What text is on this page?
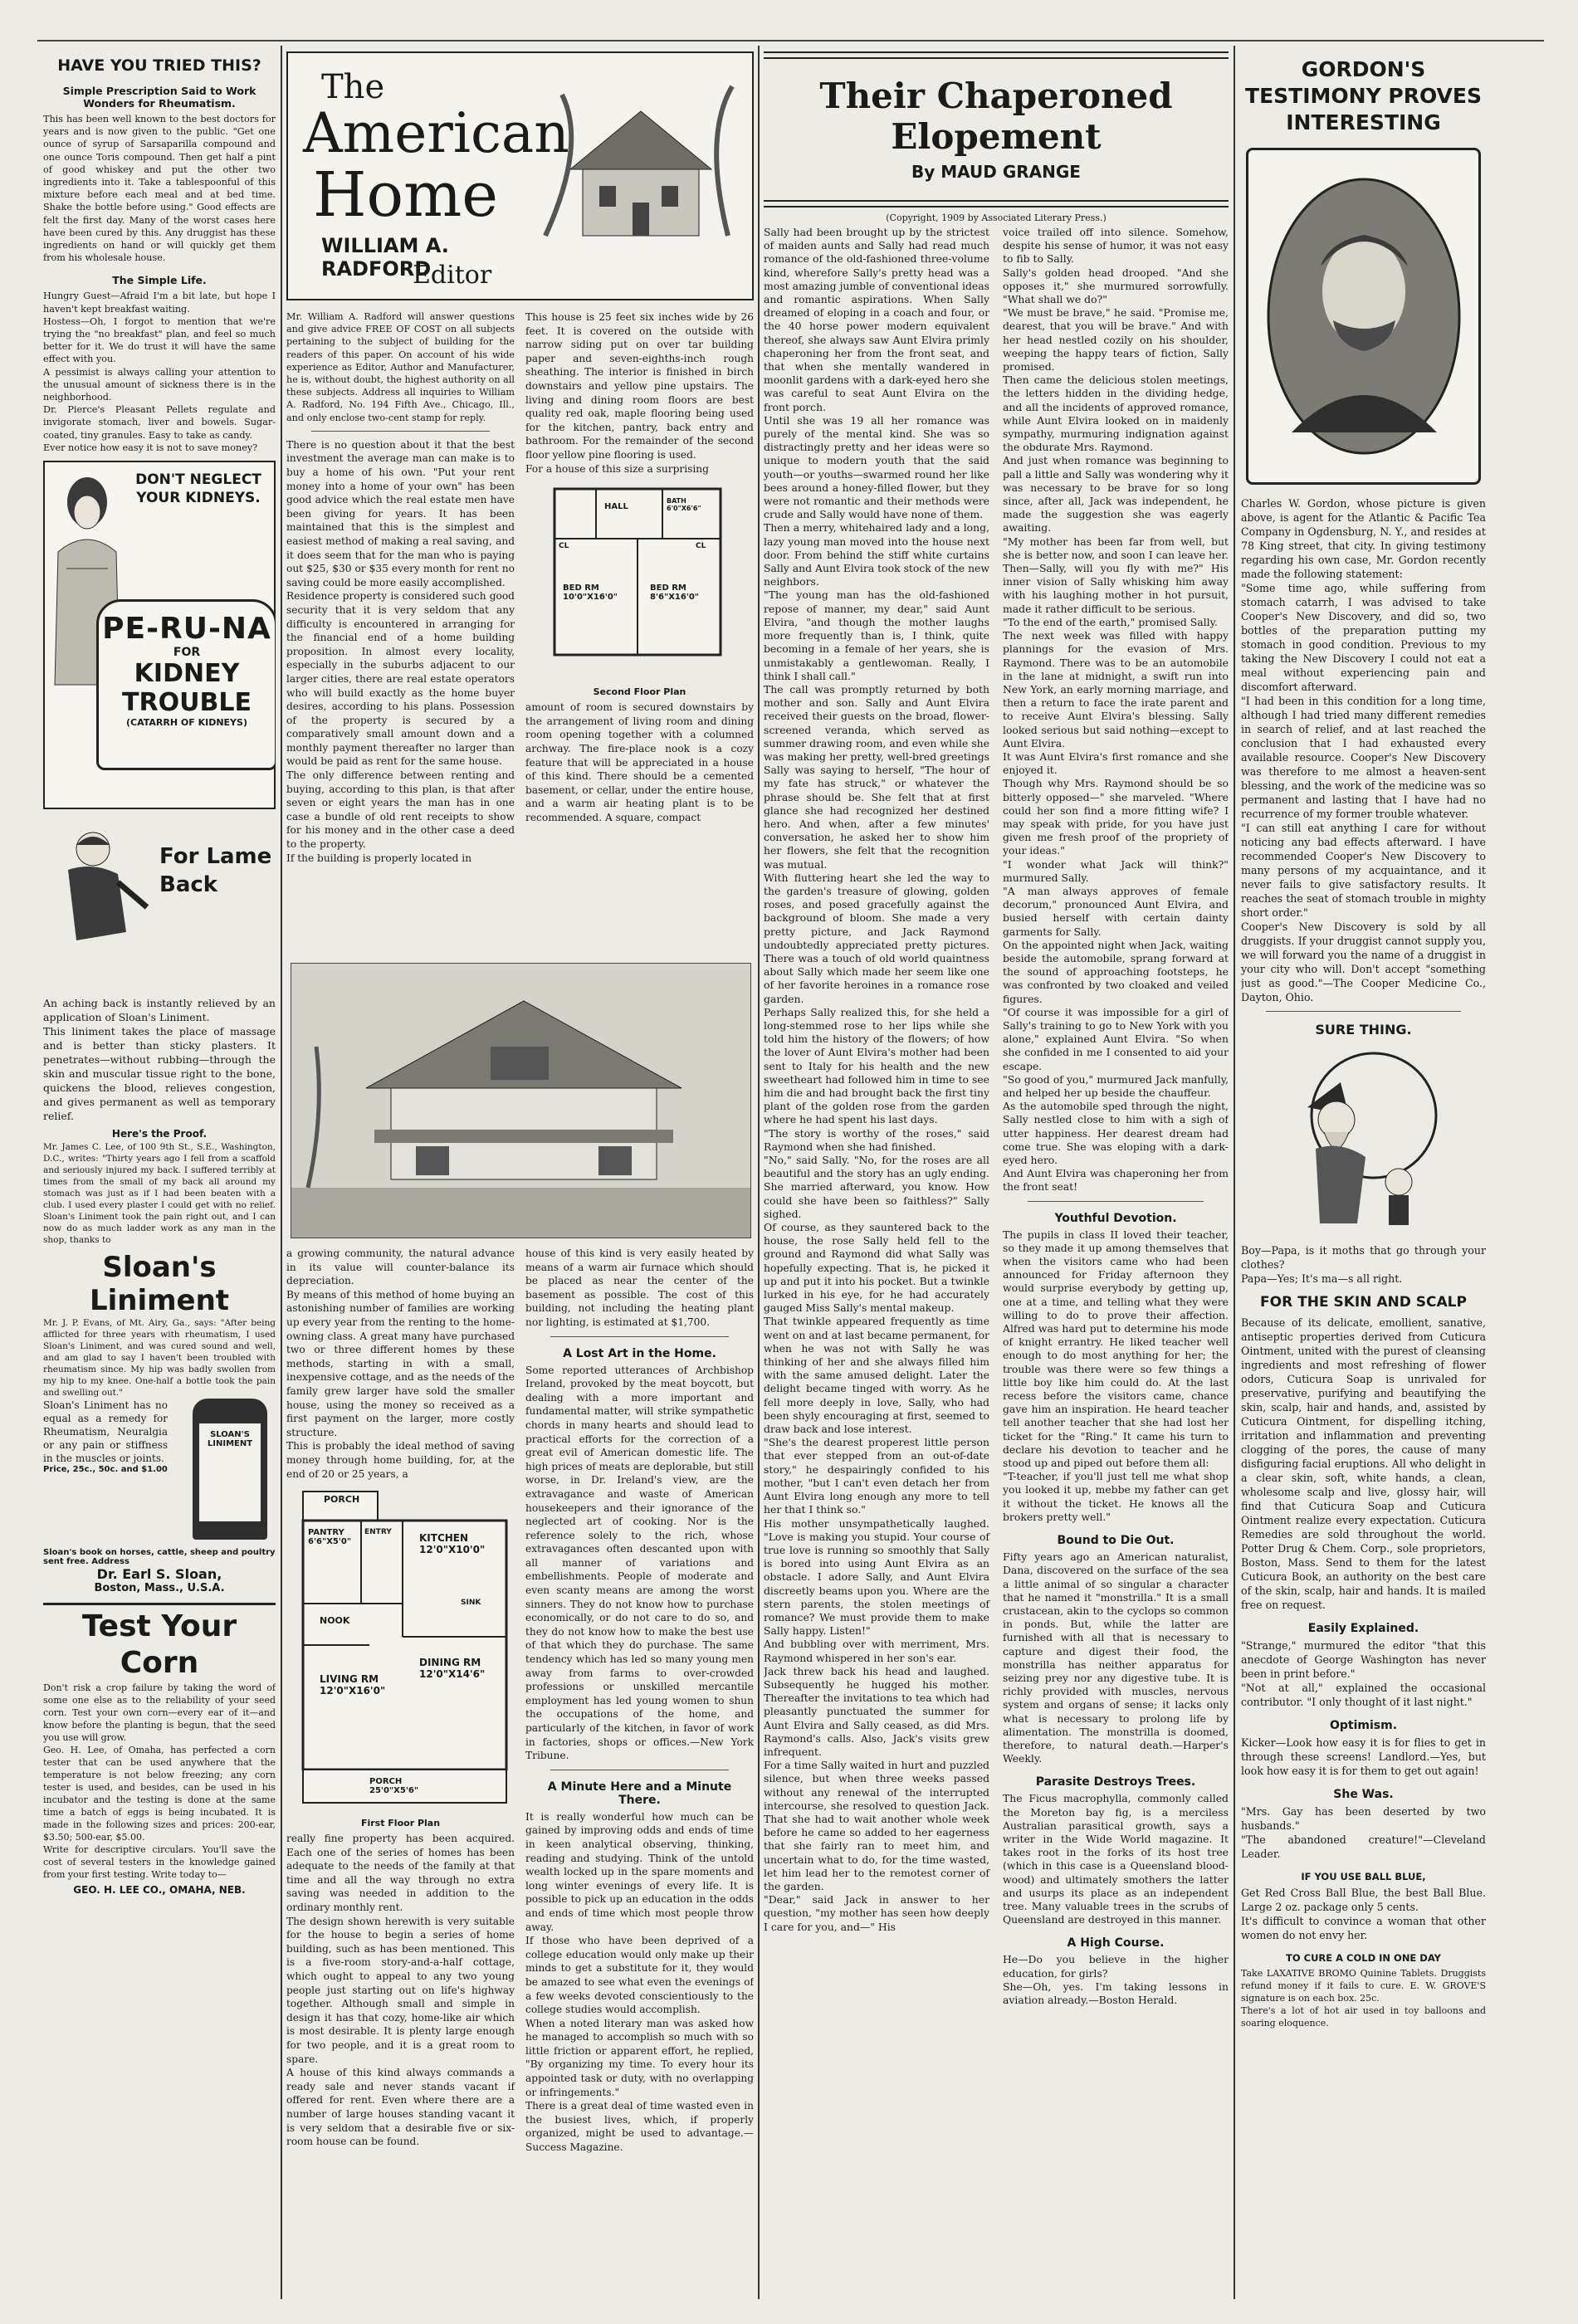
HAVE YOU TRIED THIS?
Simple Prescription Said to Work Wonders for Rheumatism.

This has been well known to the best doctors for years and is now given to the public. "Get one ounce of syrup of Sarsaparilla compound and one ounce Toris compound. Then get half a pint of good whiskey and put the other two ingredients into it. Take a tablespoonful of this mixture before each meal and at bed time. Shake the bottle before using." Good effects are felt the first day. Many of the worst cases here have been cured by this. Any druggist has these ingredients on hand or will quickly get them from his wholesale house.

The Simple Life.

Hungry Guest—Afraid I'm a bit late, but hope I haven't kept breakfast waiting.
Hostess—Oh, I forgot to mention that we're trying the "no breakfast" plan, and feel so much better for it. We do trust it will have the same effect with you.
A pessimist is always calling your attention to the unusual amount of sickness there is in the neighborhood.
Dr. Pierce's Pleasant Pellets regulate and invigorate stomach, liver and bowels. Sugar-coated, tiny granules. Easy to take as candy.
Ever notice how easy it is not to save money?

DON'T NEGLECT YOUR KIDNEYS.
PE-RU-NA
FOR
KIDNEY
TROUBLE
(CATARRH OF KIDNEYS)
For Lame Back

An aching back is instantly relieved by an application of Sloan's Liniment.
This liniment takes the place of massage and is better than sticky plasters. It penetrates—without rubbing—through the skin and muscular tissue right to the bone, quickens the blood, relieves congestion, and gives permanent as well as temporary relief.

Here's the Proof.

Mr. James C. Lee, of 100 9th St., S.E., Washington, D.C., writes: "Thirty years ago I fell from a scaffold and seriously injured my back. I suffered terribly at times from the small of my back all around my stomach was just as if I had been beaten with a club. I used every plaster I could get with no relief. Sloan's Liniment took the pain right out, and I can now do as much ladder work as any man in the shop, thanks to

Sloan's Liniment

Mr. J. P. Evans, of Mt. Airy, Ga., says: "After being afflicted for three years with rheumatism, I used Sloan's Liniment, and was cured sound and well, and am glad to say I haven't been troubled with rheumatism since. My hip was badly swollen from my hip to my knee. One-half a bottle took the pain and swelling out."

Sloan's Liniment has no equal as a remedy for Rheumatism, Neuralgia or any pain or stiffness in the muscles or joints.

Price, 25c., 50c. and $1.00
SLOAN'S LINIMENT
Sloan's book on horses, cattle, sheep and poultry sent free. Address
Dr. Earl S. Sloan,
Boston, Mass., U.S.A.
Test Your Corn

Don't risk a crop failure by taking the word of some one else as to the reliability of your seed corn. Test your own corn—every ear of it—and know before the planting is begun, that the seed you use will grow.
Geo. H. Lee, of Omaha, has perfected a corn tester that can be used anywhere that the temperature is not below freezing; any corn tester is used, and besides, can be used in his incubator and the testing is done at the same time a batch of eggs is being incubated. It is made in the following sizes and prices: 200-ear, $3.50; 500-ear, $5.00.
Write for descriptive circulars. You'll save the cost of several testers in the knowledge gained from your first testing. Write today to—

GEO. H. LEE CO., OMAHA, NEB.
The
American
Home
WILLIAM A. RADFORD
Editor

Mr. William A. Radford will answer questions and give advice FREE OF COST on all subjects pertaining to the subject of building for the readers of this paper. On account of his wide experience as Editor, Author and Manufacturer, he is, without doubt, the highest authority on all these subjects. Address all inquiries to William A. Radford, No. 194 Fifth Ave., Chicago, Ill., and only enclose two-cent stamp for reply.

There is no question about it that the best investment the average man can make is to buy a home of his own. "Put your rent money into a home of your own" has been good advice which the real estate men have been giving for years. It has been maintained that this is the simplest and easiest method of making a real saving, and it does seem that for the man who is paying out $25, $30 or $35 every month for rent no saving could be more easily accomplished.
Residence property is considered such good security that it is very seldom that any difficulty is encountered in arranging for the financial end of a home building proposition. In almost every locality, especially in the suburbs adjacent to our larger cities, there are real estate operators who will build exactly as the home buyer desires, according to his plans. Possession of the property is secured by a comparatively small amount down and a monthly payment thereafter no larger than would be paid as rent for the same house.
The only difference between renting and buying, according to this plan, is that after seven or eight years the man has in one case a bundle of old rent receipts to show for his money and in the other case a deed to the property.
If the building is properly located in

This house is 25 feet six inches wide by 26 feet. It is covered on the outside with narrow siding put on over tar building paper and seven-eighths-inch rough sheathing. The interior is finished in birch downstairs and yellow pine upstairs. The living and dining room floors are best quality red oak, maple flooring being used for the kitchen, pantry, back entry and bathroom. For the remainder of the second floor yellow pine flooring is used.
For a house of this size a surprising

HALL
BATH 6'0"X6'6"
BED RM 10'0"X16'0"
BED RM 8'6"X16'0"
CL	CL
Second Floor Plan

amount of room is secured downstairs by the arrangement of living room and dining room opening together with a columned archway. The fire-place nook is a cozy feature that will be appreciated in a house of this kind. There should be a cemented basement, or cellar, under the entire house, and a warm air heating plant is to be recommended. A square, compact

a growing community, the natural advance in its value will counter-balance its depreciation.
By means of this method of home buying an astonishing number of families are working up every year from the renting to the home-owning class. A great many have purchased two or three different homes by these methods, starting in with a small, inexpensive cottage, and as the needs of the family grew larger have sold the smaller house, using the money so received as a first payment on the larger, more costly structure.
This is probably the ideal method of saving money through home building, for, at the end of 20 or 25 years, a

PORCH
PANTRY 6'6"X5'0"
ENTRY	KITCHEN 12'0"X10'0"
SINK
NOOK
LIVING RM 12'0"X16'0"
DINING RM 12'0"X14'6"
PORCH 25'0"X5'6"
First Floor Plan

really fine property has been acquired. Each one of the series of homes has been adequate to the needs of the family at that time and all the way through no extra saving was needed in addition to the ordinary monthly rent.
The design shown herewith is very suitable for the house to begin a series of home building, such as has been mentioned. This is a five-room story-and-a-half cottage, which ought to appeal to any two young people just starting out on life's highway together. Although small and simple in design it has that cozy, home-like air which is most desirable. It is plenty large enough for two people, and it is a great room to spare.
A house of this kind always commands a ready sale and never stands vacant if offered for rent. Even where there are a number of large houses standing vacant it is very seldom that a desirable five or six-room house can be found.

house of this kind is very easily heated by means of a warm air furnace which should be placed as near the center of the basement as possible. The cost of this building, not including the heating plant nor lighting, is estimated at $1,700.

A Lost Art in the Home.

Some reported utterances of Archbishop Ireland, provoked by the meat boycott, but dealing with a more important and fundamental matter, will strike sympathetic chords in many hearts and should lead to practical efforts for the correction of a great evil of American domestic life. The high prices of meats are deplorable, but still worse, in Dr. Ireland's view, are the extravagance and waste of American housekeepers and their ignorance of the neglected art of cooking. Nor is the reference solely to the rich, whose extravagances often descanted upon with all manner of variations and embellishments. People of moderate and even scanty means are among the worst sinners. They do not know how to purchase economically, or do not care to do so, and they do not know how to make the best use of that which they do purchase. The same tendency which has led so many young men away from farms to over-crowded professions or unskilled mercantile employment has led young women to shun the occupations of the home, and particularly of the kitchen, in favor of work in factories, shops or offices.—New York Tribune.

A Minute Here and a Minute There.

It is really wonderful how much can be gained by improving odds and ends of time in keen analytical observing, thinking, reading and studying. Think of the untold wealth locked up in the spare moments and long winter evenings of every life. It is possible to pick up an education in the odds and ends of time which most people throw away.
If those who have been deprived of a college education would only make up their minds to get a substitute for it, they would be amazed to see what even the evenings of a few weeks devoted conscientiously to the college studies would accomplish.
When a noted literary man was asked how he managed to accomplish so much with so little friction or apparent effort, he replied, "By organizing my time. To every hour its appointed task or duty, with no overlapping or infringements."
There is a great deal of time wasted even in the busiest lives, which, if properly organized, might be used to advantage.—Success Magazine.

Their Chaperoned Elopement
By MAUD GRANGE
(Copyright, 1909 by Associated Literary Press.)

Sally had been brought up by the strictest of maiden aunts and Sally had read much romance of the old-fashioned three-volume kind, wherefore Sally's pretty head was a most amazing jumble of conventional ideas and romantic aspirations. When Sally dreamed of eloping in a coach and four, or the 40 horse power modern equivalent thereof, she always saw Aunt Elvira primly chaperoning her from the front seat, and that when she mentally wandered in moonlit gardens with a dark-eyed hero she was careful to seat Aunt Elvira on the front porch.
Until she was 19 all her romance was purely of the mental kind. She was so distractingly pretty and her ideas were so unique to modern youth that the said youth—or youths—swarmed round her like bees around a honey-filled flower, but they were not romantic and their methods were crude and Sally would have none of them.
Then a merry, whitehaired lady and a long, lazy young man moved into the house next door. From behind the stiff white curtains Sally and Aunt Elvira took stock of the new neighbors.
"The young man has the old-fashioned repose of manner, my dear," said Aunt Elvira, "and though the mother laughs more frequently than is, I think, quite becoming in a female of her years, she is unmistakably a gentlewoman. Really, I think I shall call."
The call was promptly returned by both mother and son. Sally and Aunt Elvira received their guests on the broad, flower-screened veranda, which served as summer drawing room, and even while she was making her pretty, well-bred greetings Sally was saying to herself, "The hour of my fate has struck," or whatever the phrase should be. She felt that at first glance she had recognized her destined hero. And when, after a few minutes' conversation, he asked her to show him her flowers, she felt that the recognition was mutual.
With fluttering heart she led the way to the garden's treasure of glowing, golden roses, and posed gracefully against the background of bloom. She made a very pretty picture, and Jack Raymond undoubtedly appreciated pretty pictures. There was a touch of old world quaintness about Sally which made her seem like one of her favorite heroines in a romance rose garden.
Perhaps Sally realized this, for she held a long-stemmed rose to her lips while she told him the history of the flowers; of how the lover of Aunt Elvira's mother had been sent to Italy for his health and the new sweetheart had followed him in time to see him die and had brought back the first tiny plant of the golden rose from the garden where he had spent his last days.
"The story is worthy of the roses," said Raymond when she had finished.
"No," said Sally. "No, for the roses are all beautiful and the story has an ugly ending. She married afterward, you know. How could she have been so faithless?" Sally sighed.
Of course, as they sauntered back to the house, the rose Sally held fell to the ground and Raymond did what Sally was hopefully expecting. That is, he picked it up and put it into his pocket. But a twinkle lurked in his eye, for he had accurately gauged Miss Sally's mental makeup.
That twinkle appeared frequently as time went on and at last became permanent, for when he was not with Sally he was thinking of her and she always filled him with the same amused delight. Later the delight became tinged with worry. As he fell more deeply in love, Sally, who had been shyly encouraging at first, seemed to draw back and lose interest.
"She's the dearest properest little person that ever stepped from an out-of-date story," he despairingly confided to his mother, "but I can't even detach her from Aunt Elvira long enough any more to tell her that I think so."
His mother unsympathetically laughed. "Love is making you stupid. Your course of true love is running so smoothly that Sally is bored into using Aunt Elvira as an obstacle. I adore Sally, and Aunt Elvira discreetly beams upon you. Where are the stern parents, the stolen meetings of romance? We must provide them to make Sally happy. Listen!"
And bubbling over with merriment, Mrs. Raymond whispered in her son's ear.
Jack threw back his head and laughed. Subsequently he hugged his mother. Thereafter the invitations to tea which had pleasantly punctuated the summer for Aunt Elvira and Sally ceased, as did Mrs. Raymond's calls. Also, Jack's visits grew infrequent.
For a time Sally waited in hurt and puzzled silence, but when three weeks passed without any renewal of the interrupted intercourse, she resolved to question Jack. That she had to wait another whole week before he came so added to her eagerness that she fairly ran to meet him, and uncertain what to do, for the time wasted, let him lead her to the remotest corner of the garden.
"Dear," said Jack in answer to her question, "my mother has seen how deeply I care for you, and—" His

voice trailed off into silence. Somehow, despite his sense of humor, it was not easy to fib to Sally.
Sally's golden head drooped. "And she opposes it," she murmured sorrowfully. "What shall we do?"
"We must be brave," he said. "Promise me, dearest, that you will be brave." And with her head nestled cozily on his shoulder, weeping the happy tears of fiction, Sally promised.
Then came the delicious stolen meetings, the letters hidden in the dividing hedge, and all the incidents of approved romance, while Aunt Elvira looked on in maidenly sympathy, murmuring indignation against the obdurate Mrs. Raymond.
And just when romance was beginning to pall a little and Sally was wondering why it was necessary to be brave for so long since, after all, Jack was independent, he made the suggestion she was eagerly awaiting.
"My mother has been far from well, but she is better now, and soon I can leave her. Then—Sally, will you fly with me?" His inner vision of Sally whisking him away with his laughing mother in hot pursuit, made it rather difficult to be serious.
"To the end of the earth," promised Sally.
The next week was filled with happy plannings for the evasion of Mrs. Raymond. There was to be an automobile in the lane at midnight, a swift run into New York, an early morning marriage, and then a return to face the irate parent and to receive Aunt Elvira's blessing. Sally looked serious but said nothing—except to Aunt Elvira.
It was Aunt Elvira's first romance and she enjoyed it.
Though why Mrs. Raymond should be so bitterly opposed—" she marveled. "Where could her son find a more fitting wife? I may speak with pride, for you have just given me fresh proof of the propriety of your ideas."
"I wonder what Jack will think?" murmured Sally.
"A man always approves of female decorum," pronounced Aunt Elvira, and busied herself with certain dainty garments for Sally.
On the appointed night when Jack, waiting beside the automobile, sprang forward at the sound of approaching footsteps, he was confronted by two cloaked and veiled figures.
"Of course it was impossible for a girl of Sally's training to go to New York with you alone," explained Aunt Elvira. "So when she confided in me I consented to aid your escape.
"So good of you," murmured Jack manfully, and helped her up beside the chauffeur.
As the automobile sped through the night, Sally nestled close to him with a sigh of utter happiness. Her dearest dream had come true. She was eloping with a dark-eyed hero.
And Aunt Elvira was chaperoning her from the front seat!

Youthful Devotion.

The pupils in class II loved their teacher, so they made it up among themselves that when the visitors came who had been announced for Friday afternoon they would surprise everybody by getting up, one at a time, and telling what they were willing to do to prove their affection. Alfred was hard put to determine his mode of knight errantry. He liked teacher well enough to do most anything for her; the trouble was there were so few things a little boy like him could do. At the last recess before the visitors came, chance gave him an inspiration. He heard teacher tell another teacher that she had lost her ticket for the "Ring." It came his turn to declare his devotion to teacher and he stood up and piped out before them all:
"T-teacher, if you'll just tell me what shop you looked it up, mebbe my father can get it without the ticket. He knows all the brokers pretty well."

Bound to Die Out.

Fifty years ago an American naturalist, Dana, discovered on the surface of the sea a little animal of so singular a character that he named it "monstrilla." It is a small crustacean, akin to the cyclops so common in ponds. But, while the latter are furnished with all that is necessary to capture and digest their food, the monstrilla has neither apparatus for seizing prey nor any digestive tube. It is richly provided with muscles, nervous system and organs of sense; it lacks only what is necessary to prolong life by alimentation. The monstrilla is doomed, therefore, to natural death.—Harper's Weekly.

Parasite Destroys Trees.

The Ficus macrophylla, commonly called the Moreton bay fig, is a merciless Australian parasitical growth, says a writer in the Wide World magazine. It takes root in the forks of its host tree (which in this case is a Queensland blood-wood) and ultimately smothers the latter and usurps its place as an independent tree. Many valuable trees in the scrubs of Queensland are destroyed in this manner.

A High Course.

He—Do you believe in the higher education, for girls?
She—Oh, yes. I'm taking lessons in aviation already.—Boston Herald.

GORDON'S TESTIMONY PROVES INTERESTING

Charles W. Gordon, whose picture is given above, is agent for the Atlantic & Pacific Tea Company in Ogdensburg, N. Y., and resides at 78 King street, that city. In giving testimony regarding his own case, Mr. Gordon recently made the following statement:
"Some time ago, while suffering from stomach catarrh, I was advised to take Cooper's New Discovery, and did so, two bottles of the preparation putting my stomach in good condition. Previous to my taking the New Discovery I could not eat a meal without experiencing pain and discomfort afterward.
"I had been in this condition for a long time, although I had tried many different remedies in search of relief, and at last reached the conclusion that I had exhausted every available resource. Cooper's New Discovery was therefore to me almost a heaven-sent blessing, and the work of the medicine was so permanent and lasting that I have had no recurrence of my former trouble whatever.
"I can still eat anything I care for without noticing any bad effects afterward. I have recommended Cooper's New Discovery to many persons of my acquaintance, and it never fails to give satisfactory results. It reaches the seat of stomach trouble in mighty short order."
Cooper's New Discovery is sold by all druggists. If your druggist cannot supply you, we will forward you the name of a druggist in your city who will. Don't accept "something just as good."—The Cooper Medicine Co., Dayton, Ohio.

SURE THING.

Boy—Papa, is it moths that go through your clothes?
Papa—Yes; It's ma—s all right.

FOR THE SKIN AND SCALP

Because of its delicate, emollient, sanative, antiseptic properties derived from Cuticura Ointment, united with the purest of cleansing ingredients and most refreshing of flower odors, Cuticura Soap is unrivaled for preservative, purifying and beautifying the skin, scalp, hair and hands, and, assisted by Cuticura Ointment, for dispelling itching, irritation and inflammation and preventing clogging of the pores, the cause of many disfiguring facial eruptions. All who delight in a clear skin, soft, white hands, a clean, wholesome scalp and live, glossy hair, will find that Cuticura Soap and Cuticura Ointment realize every expectation. Cuticura Remedies are sold throughout the world. Potter Drug & Chem. Corp., sole proprietors, Boston, Mass. Send to them for the latest Cuticura Book, an authority on the best care of the skin, scalp, hair and hands. It is mailed free on request.

Easily Explained.

"Strange," murmured the editor "that this anecdote of George Washington has never been in print before."
"Not at all," explained the occasional contributor. "I only thought of it last night."

Optimism.

Kicker—Look how easy it is for flies to get in through these screens! Landlord.—Yes, but look how easy it is for them to get out again!

She Was.

"Mrs. Gay has been deserted by two husbands."
"The abandoned creature!"—Cleveland Leader.

IF YOU USE BALL BLUE,

Get Red Cross Ball Blue, the best Ball Blue. Large 2 oz. package only 5 cents.
It's difficult to convince a woman that other women do not envy her.

TO CURE A COLD IN ONE DAY

Take LAXATIVE BROMO Quinine Tablets. Druggists refund money if it fails to cure. E. W. GROVE'S signature is on each box. 25c.
There's a lot of hot air used in toy balloons and soaring eloquence.
